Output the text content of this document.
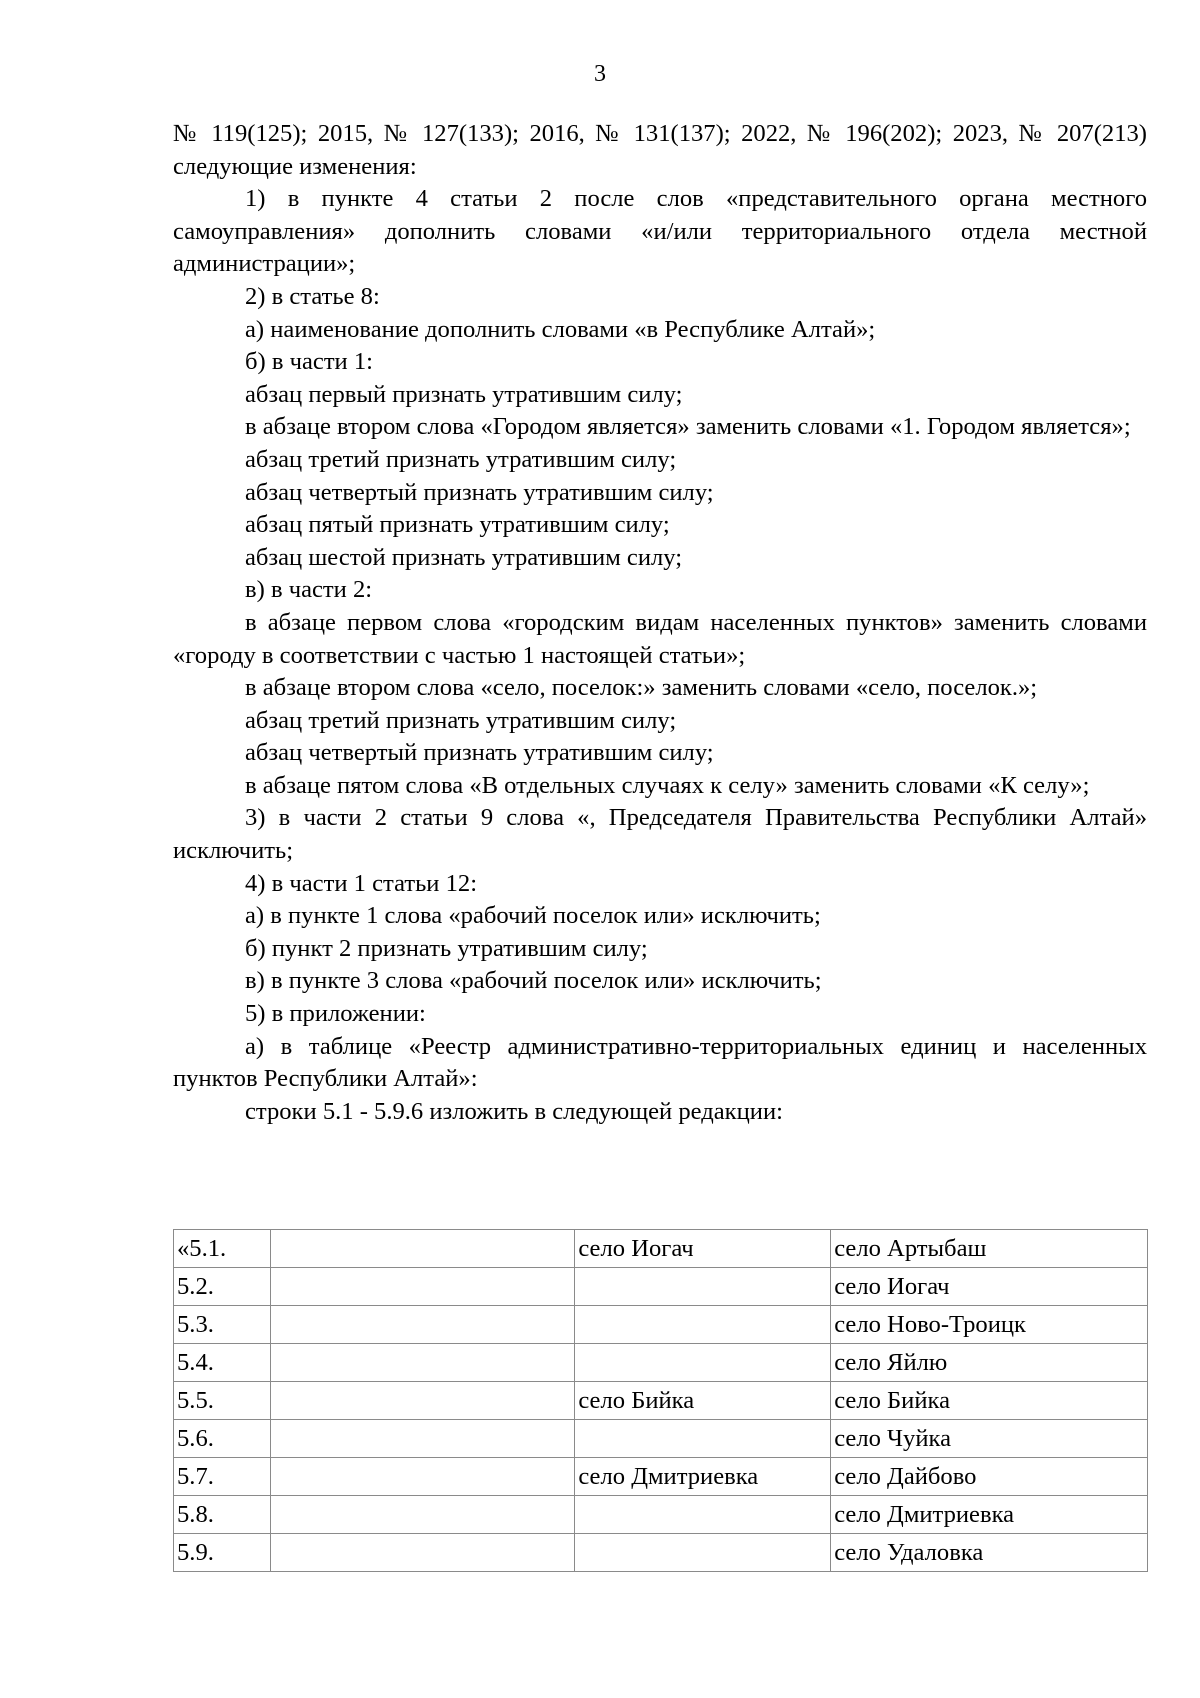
3

№ 119(125); 2015, № 127(133); 2016, № 131(137); 2022, № 196(202); 2023, № 207(213) следующие изменения:

1) в пункте 4 статьи 2 после слов «представительного органа местного самоуправления» дополнить словами «и/или территориального отдела местной администрации»;

2) в статье 8:

а) наименование дополнить словами «в Республике Алтай»;

б) в части 1:

абзац первый признать утратившим силу;

в абзаце втором слова «Городом является» заменить словами «1. Городом является»;

абзац третий признать утратившим силу;

абзац четвертый признать утратившим силу;

абзац пятый признать утратившим силу;

абзац шестой признать утратившим силу;

в) в части 2:

в абзаце первом слова «городским видам населенных пунктов» заменить словами «городу в соответствии с частью 1 настоящей статьи»;

в абзаце втором слова «село, поселок:» заменить словами «село, поселок.»;

абзац третий признать утратившим силу;

абзац четвертый признать утратившим силу;

в абзаце пятом слова «В отдельных случаях к селу» заменить словами «К селу»;

3) в части 2 статьи 9 слова «, Председателя Правительства Республики Алтай» исключить;

4) в части 1 статьи 12:

а) в пункте 1 слова «рабочий поселок или» исключить;

б) пункт 2 признать утратившим силу;

в) в пункте 3 слова «рабочий поселок или» исключить;

5) в приложении:

а) в таблице «Реестр административно-территориальных единиц и населенных пунктов Республики Алтай»:

строки 5.1 - 5.9.6 изложить в следующей редакции:

«5.1.		село Иогач	село Артыбаш
5.2.			село Иогач
5.3.			село Ново-Троицк
5.4.			село Яйлю
5.5.		село Бийка	село Бийка
5.6.			село Чуйка
5.7.		село Дмитриевка	село Дайбово
5.8.			село Дмитриевка
5.9.			село Удаловка
